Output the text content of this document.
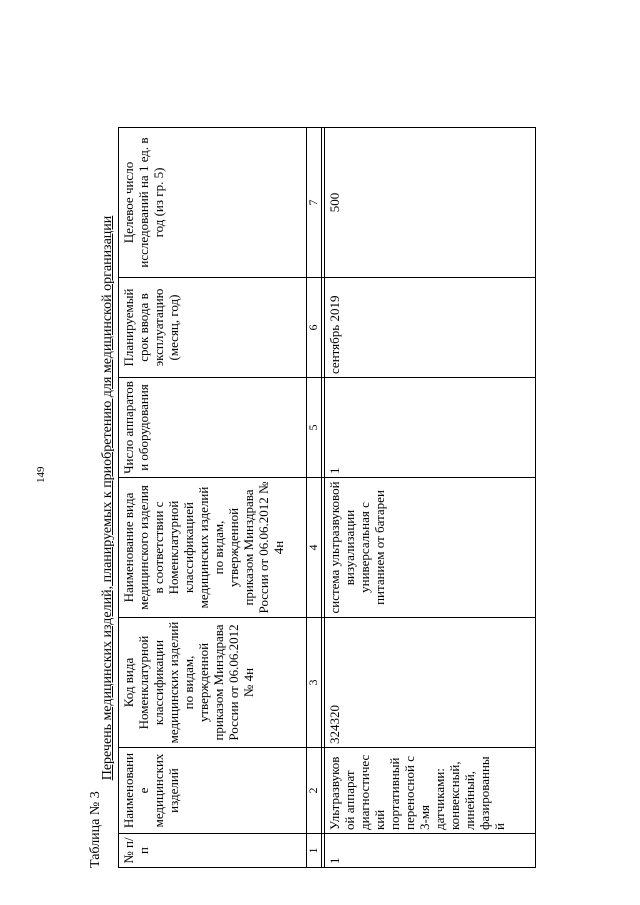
149
Таблица № 3
Перечень медицинских изделий, планируемых к приобретению для медицинской организации
№ п/п	Наименование медицинских изделий	Код вида Номенклатурной классификации медицинских изделий по видам, утвержденной приказом Минздрава России от 06.06.2012 № 4н	Наименование вида медицинского изделия в соответствии с Номенклатурной классификацией медицинских изделий по видам, утвержденной приказом Минздрава России от 06.06.2012 № 4н	Число аппаратов и оборудования	Планируемый срок ввода в эксплуатацию (месяц, год)	Целевое число исследований на 1 ед. в год (из гр. 5)
1	2	3	4	5	6	7

1	Ультразвуковой аппарат диагностический портативный переносной с 3-мя датчиками: конвексный, линейный, фазированный	324320	система ультразвуковой визуализации универсальная с питанием от батареи	1	сентябрь 2019	500
